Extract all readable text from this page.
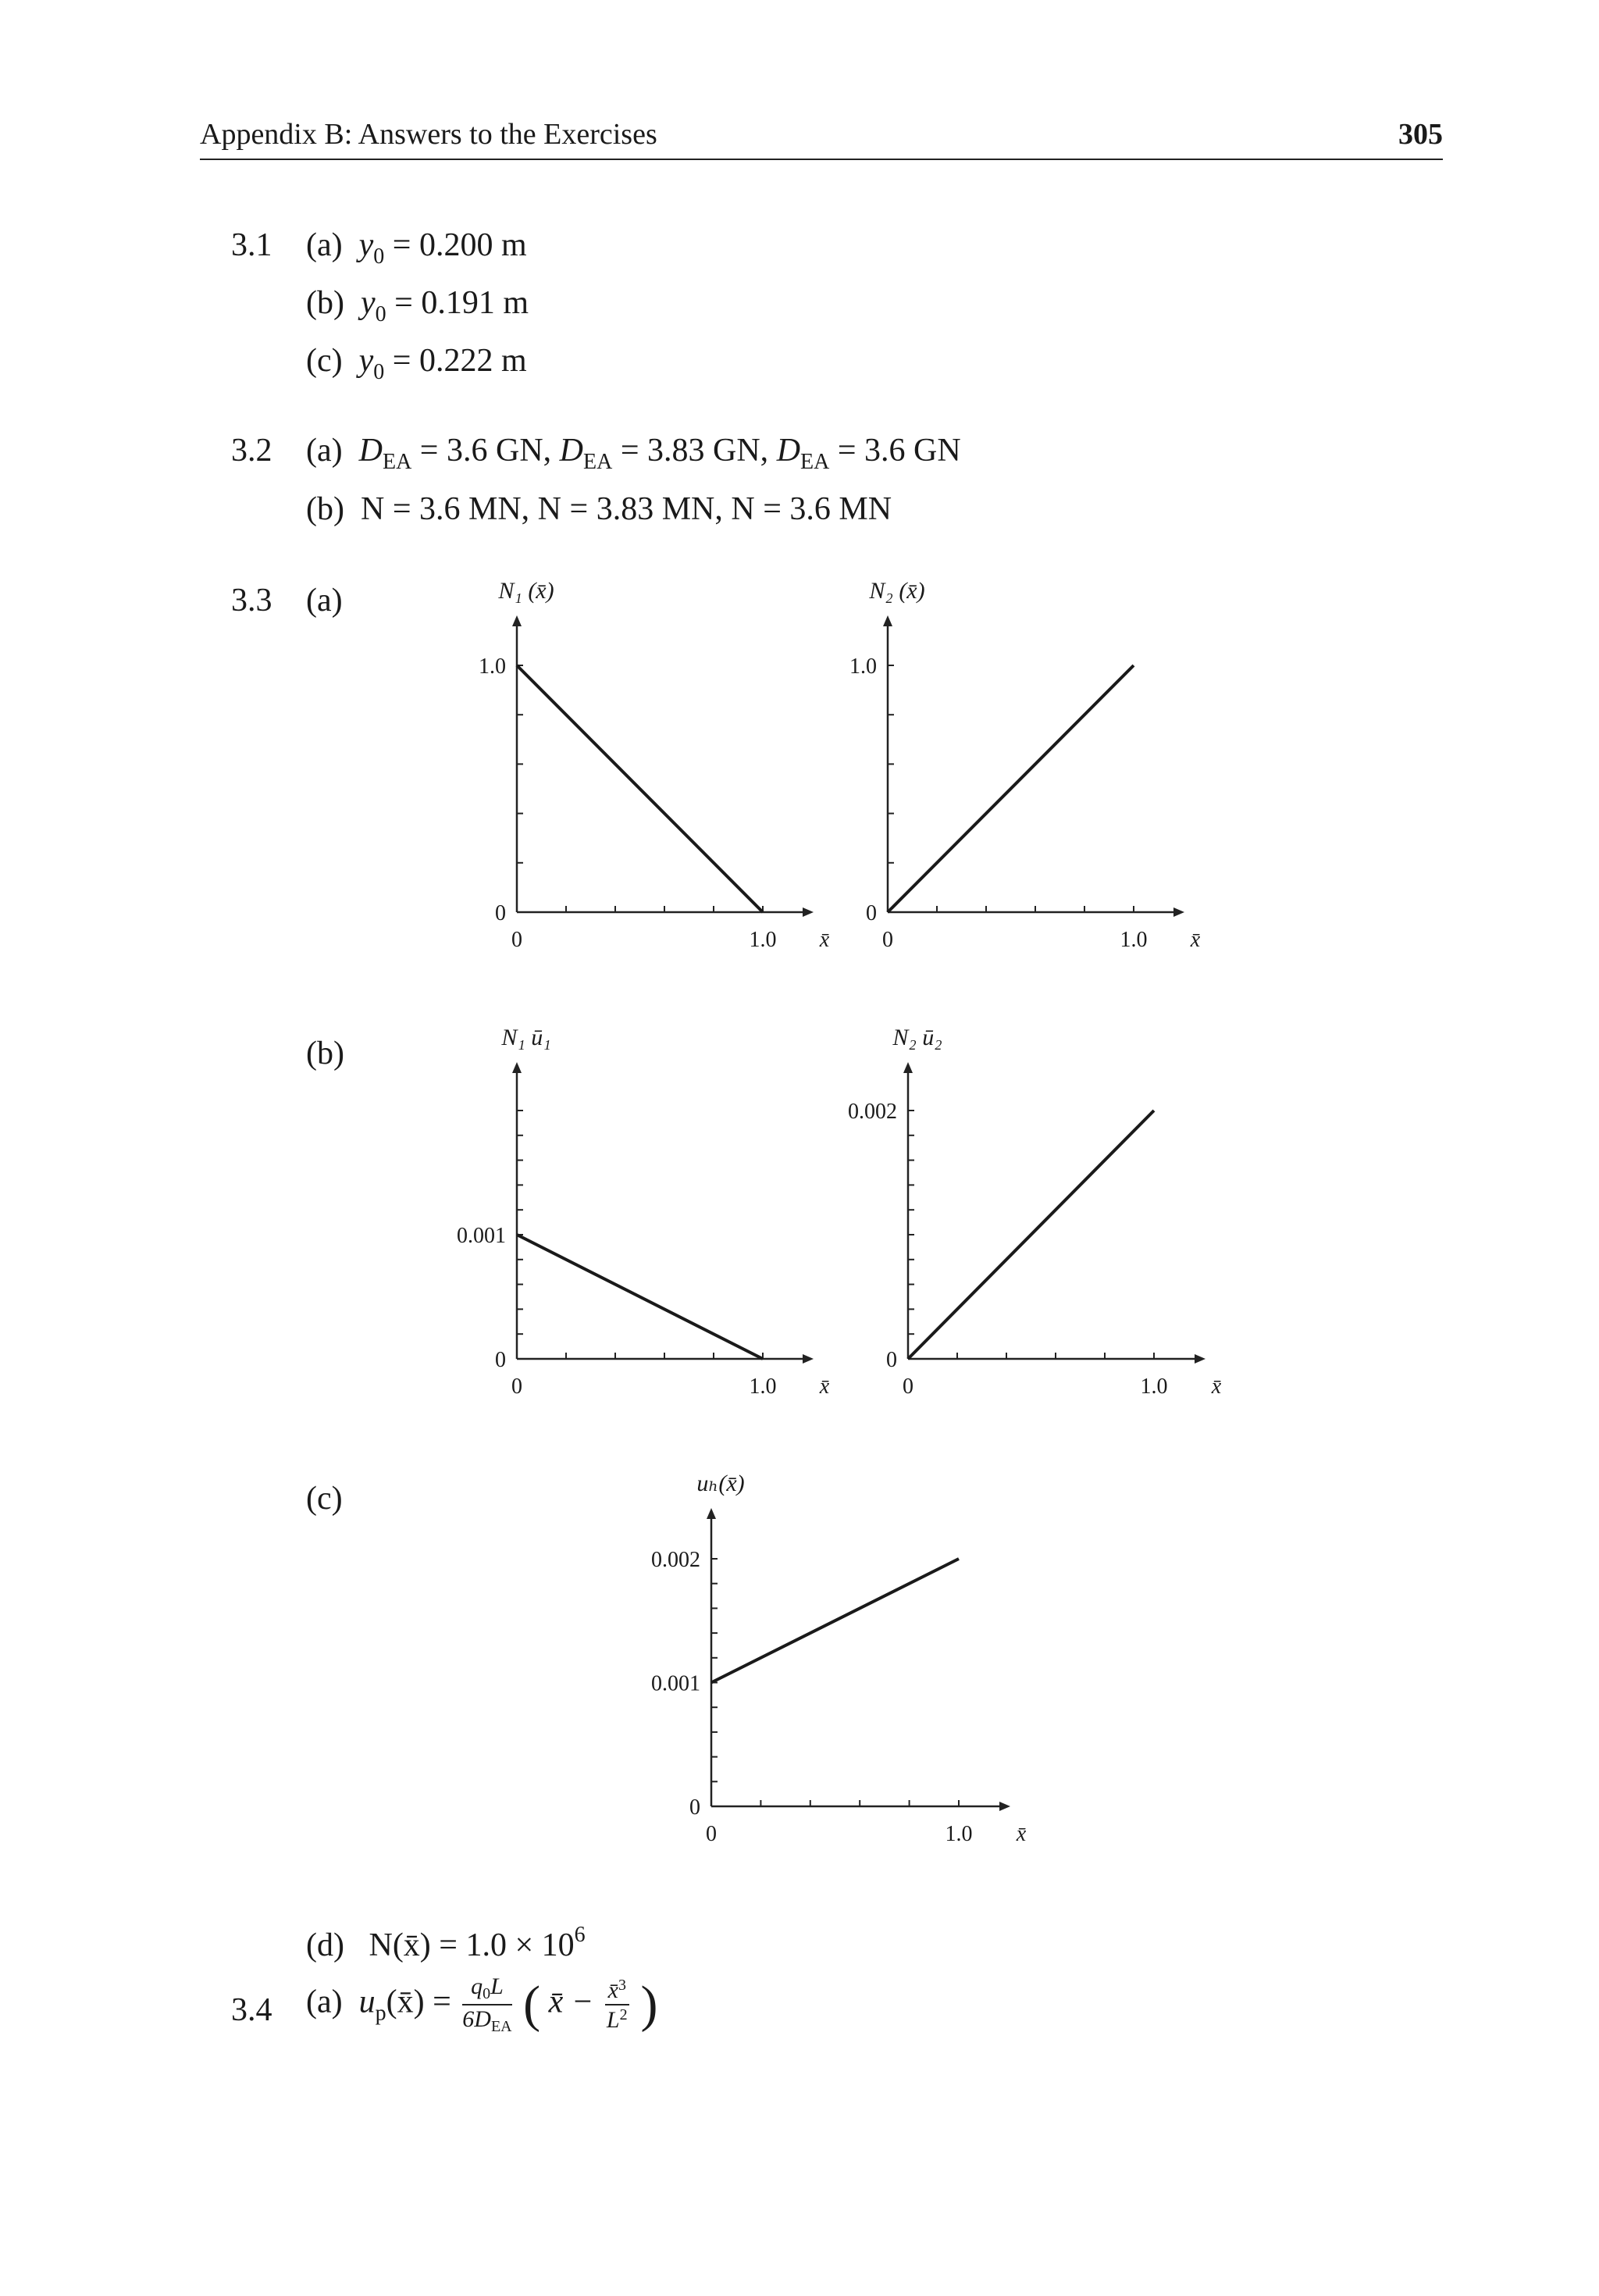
Appendix B: Answers to the Exercises	305
3.1 (a) $y_0 = 0.200$ m
(b) $y_0 = 0.191$ m
(c) $y_0 = 0.222$ m
3.2 (a) $D_{EA} = 3.6$ GN, $D_{EA} = 3.83$ GN, $D_{EA} = 3.6$ GN
(b) N = 3.6 MN, N = 3.83 MN, N = 3.6 MN
3.3 (a)
(b)
(c)
(d) N(x̄) = $1.0 \times 10^6$
3.4 (a) $u_p(x̄) = \frac{q_0L}{6D_{EA}}$ ( x̄ − $\frac{x̄^3}{L^2}$ )
0	1.0
0
1.0
x̄
N₁ (x̄)
0	1.0
0
1.0
x̄
N₂ (x̄)
0	1.0
0
0.001
x̄
N₁ ū₁
0	1.0
0
0.002
x̄
N₂ ū₂
0	1.0
0
0.001
0.002
x̄
uₕ(x̄)
